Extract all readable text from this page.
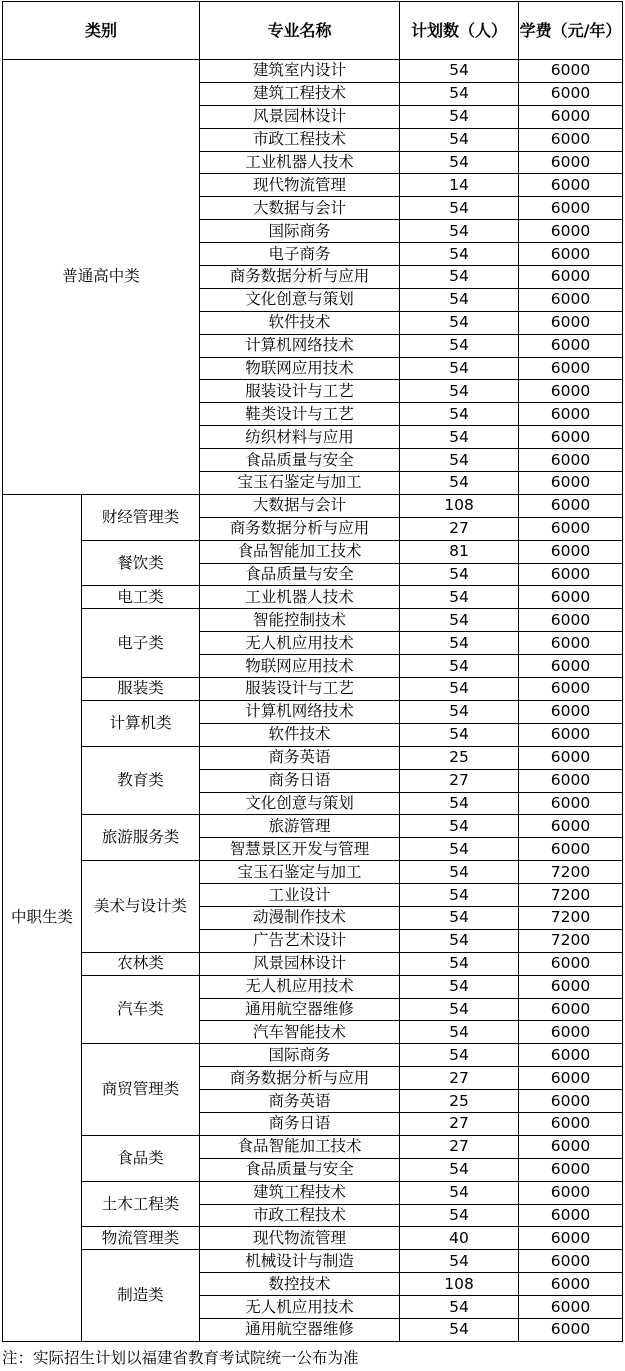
类别		专业名称	计划数（人）	学费（元/年）
普通高中类		建筑室内设计	54	6000
		建筑工程技术	54	6000
		风景园林设计	54	6000
		市政工程技术	54	6000
		工业机器人技术	54	6000
		现代物流管理	14	6000
		大数据与会计	54	6000
		国际商务	54	6000
		电子商务	54	6000
		商务数据分析与应用	54	6000
		文化创意与策划	54	6000
		软件技术	54	6000
		计算机网络技术	54	6000
		物联网应用技术	54	6000
		服装设计与工艺	54	6000
		鞋类设计与工艺	54	6000
		纺织材料与应用	54	6000
		食品质量与安全	54	6000
		宝玉石鉴定与加工	54	6000
中职生类	财经管理类	大数据与会计	108	6000
		商务数据分析与应用	27	6000
	餐饮类	食品智能加工技术	81	6000
		食品质量与安全	54	6000
	电工类	工业机器人技术	54	6000
	电子类	智能控制技术	54	6000
		无人机应用技术	54	6000
		物联网应用技术	54	6000
	服装类	服装设计与工艺	54	6000
	计算机类	计算机网络技术	54	6000
		软件技术	54	6000
	教育类	商务英语	25	6000
		商务日语	27	6000
		文化创意与策划	54	6000
	旅游服务类	旅游管理	54	6000
		智慧景区开发与管理	54	6000
	美术与设计类	宝玉石鉴定与加工	54	7200
		工业设计	54	7200
		动漫制作技术	54	7200
		广告艺术设计	54	7200
	农林类	风景园林设计	54	6000
	汽车类	无人机应用技术	54	6000
		通用航空器维修	54	6000
		汽车智能技术	54	6000
	商贸管理类	国际商务	54	6000
		商务数据分析与应用	27	6000
		商务英语	25	6000
		商务日语	27	6000
	食品类	食品智能加工技术	27	6000
		食品质量与安全	54	6000
	土木工程类	建筑工程技术	54	6000
		市政工程技术	54	6000
	物流管理类	现代物流管理	40	6000
	制造类	机械设计与制造	54	6000
		数控技术	108	6000
		无人机应用技术	54	6000
		通用航空器维修	54	6000
注：实际招生计划以福建省教育考试院统一公布为准
